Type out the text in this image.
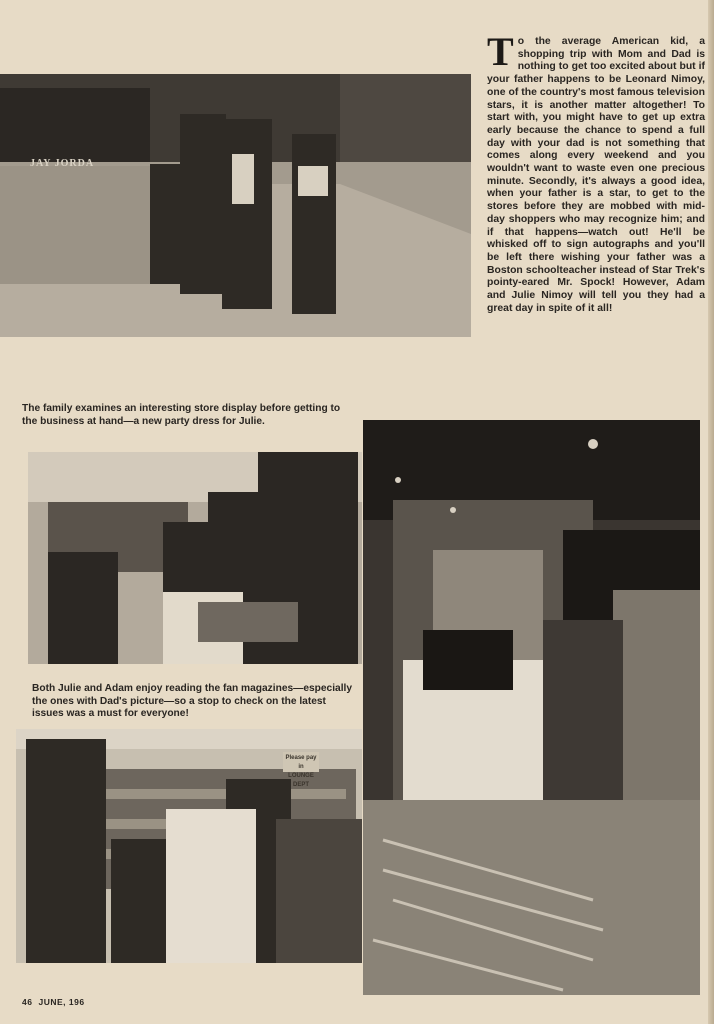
JAY JORDA

To the average American kid, a shopping trip with Mom and Dad is nothing to get too excited about but if your father happens to be Leonard Nimoy, one of the country's most famous television stars, it is another matter altogether! To start with, you might have to get up extra early because the chance to spend a full day with your dad is not something that comes along every weekend and you wouldn't want to waste even one precious minute. Secondly, it's always a good idea, when your father is a star, to get to the stores before they are mobbed with mid-day shoppers who may recognize him; and if that happens—watch out! He'll be whisked off to sign autographs and you'll be left there wishing your father was a Boston schoolteacher instead of Star Trek's pointy-eared Mr. Spock! However, Adam and Julie Nimoy will tell you they had a great day in spite of it all!

The family examines an interesting store display before getting to the business at hand—a new party dress for Julie.

Both Julie and Adam enjoy reading the fan magazines—especially the ones with Dad's picture—so a stop to check on the latest issues was a must for everyone!

Please pay in
LOUNGE DEPT

46 JUNE, 196
